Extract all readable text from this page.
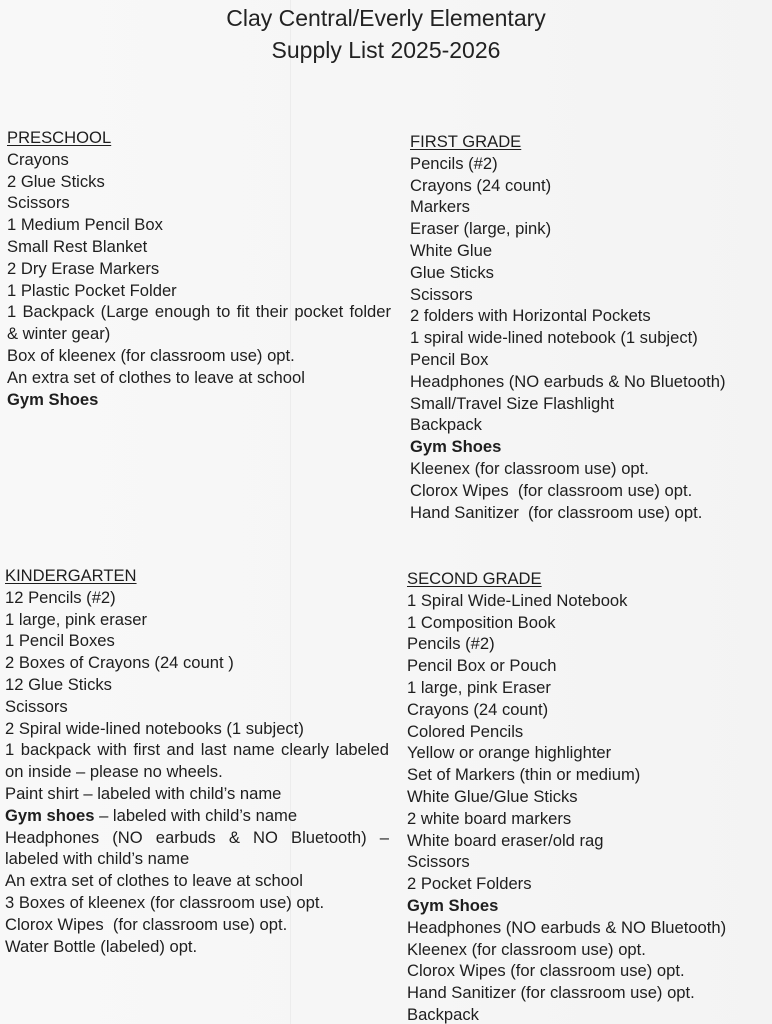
Clay Central/Everly Elementary
Supply List 2025-2026
PRESCHOOL
Crayons
2 Glue Sticks
Scissors
1 Medium Pencil Box
Small Rest Blanket
2 Dry Erase Markers
1 Plastic Pocket Folder
1 Backpack (Large enough to fit their pocket folder & winter gear)
Box of kleenex (for classroom use) opt.
An extra set of clothes to leave at school
Gym Shoes
FIRST GRADE
Pencils (#2)
Crayons (24 count)
Markers
Eraser (large, pink)
White Glue
Glue Sticks
Scissors
2 folders with Horizontal Pockets
1 spiral wide-lined notebook (1 subject)
Pencil Box
Headphones (NO earbuds & No Bluetooth)
Small/Travel Size Flashlight
Backpack
Gym Shoes
Kleenex (for classroom use) opt.
Clorox Wipes  (for classroom use) opt.
Hand Sanitizer  (for classroom use) opt.
KINDERGARTEN
12 Pencils (#2)
1 large, pink eraser
1 Pencil Boxes
2 Boxes of Crayons (24 count )
12 Glue Sticks
Scissors
2 Spiral wide-lined notebooks (1 subject)
1 backpack with first and last name clearly labeled on inside – please no wheels.
Paint shirt – labeled with child’s name
Gym shoes – labeled with child’s name
Headphones (NO earbuds & NO Bluetooth) – labeled with child’s name
An extra set of clothes to leave at school
3 Boxes of kleenex (for classroom use) opt.
Clorox Wipes  (for classroom use) opt.
Water Bottle (labeled) opt.
SECOND GRADE
1 Spiral Wide-Lined Notebook
1 Composition Book
Pencils (#2)
Pencil Box or Pouch
1 large, pink Eraser
Crayons (24 count)
Colored Pencils
Yellow or orange highlighter
Set of Markers (thin or medium)
White Glue/Glue Sticks
2 white board markers
White board eraser/old rag
Scissors
2 Pocket Folders
Gym Shoes
Headphones (NO earbuds & NO Bluetooth)
Kleenex (for classroom use) opt.
Clorox Wipes (for classroom use) opt.
Hand Sanitizer (for classroom use) opt.
Backpack
